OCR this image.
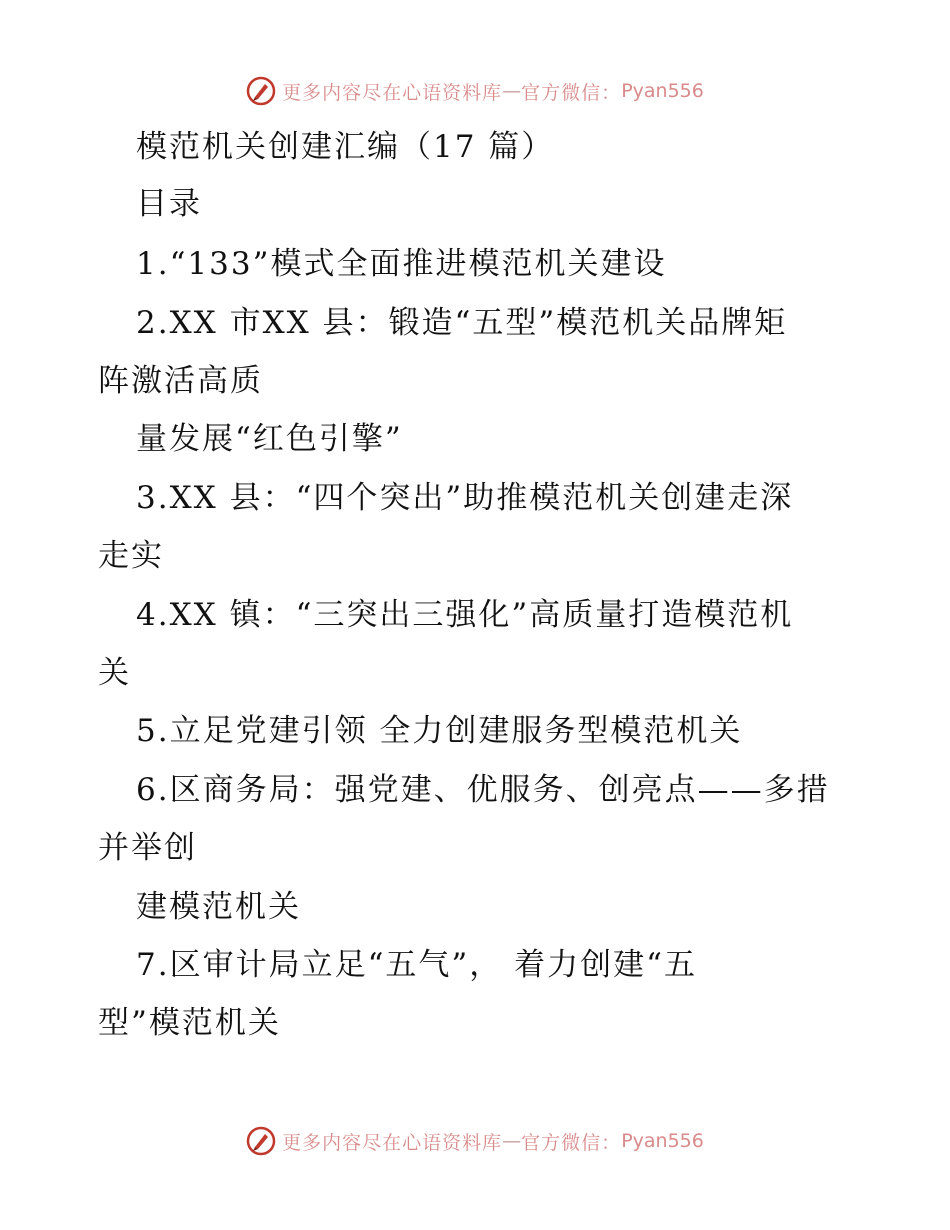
更多内容尽在心语资料库 — 官方微信： Pyan556
模范机关创建汇编（17 篇）
目录
1.“133”模式全面推进模范机关建设
2.XX 市XX 县：锻造“五型”模范机关品牌矩
阵激活高质
量发展“红色引擎”
3.XX 县：“四个突出”助推模范机关创建走深
走实
4.XX 镇：“三突出三强化”高质量打造模范机
关
5.立足党建引领 全力创建服务型模范机关
6.区商务局：强党建、优服务、创亮点——多措
并举创
建模范机关
7.区审计局立足“五气”， 着力创建“五
型”模范机关
更多内容尽在心语资料库 — 官方微信： Pyan556
